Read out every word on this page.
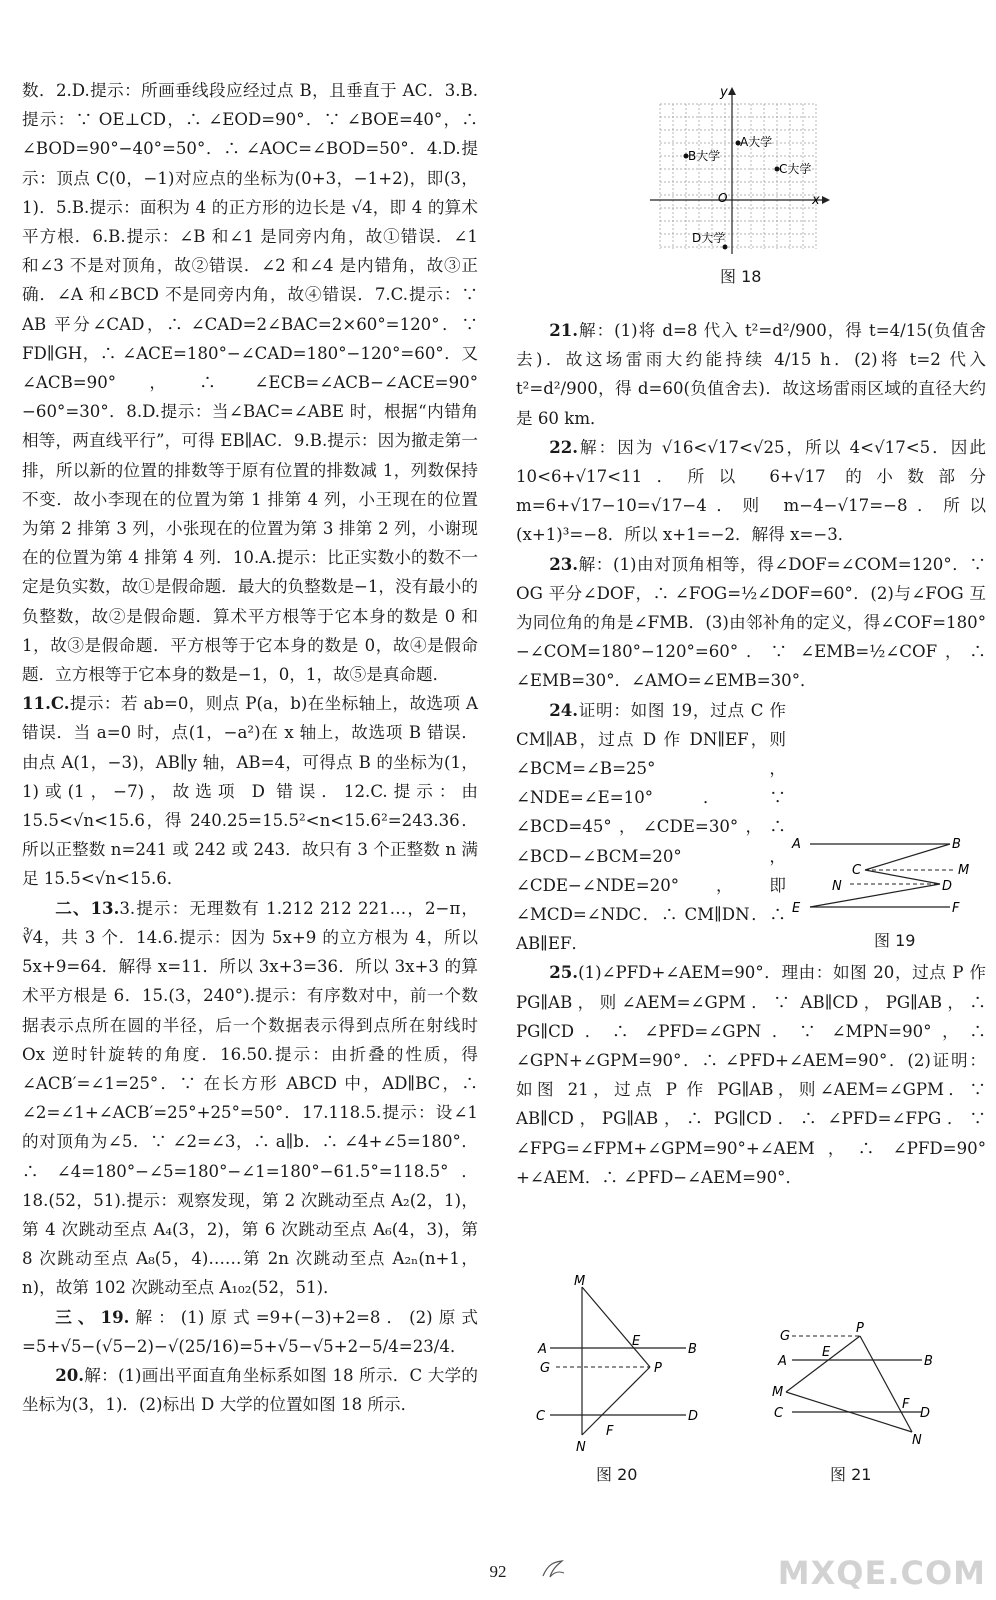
数．2.D.提示：所画垂线段应经过点 B，且垂直于 AC．3.B.提示：∵ OE⊥CD，∴ ∠EOD=90°．∵ ∠BOE=40°，∴ ∠BOD=90°−40°=50°．∴ ∠AOC=∠BOD=50°．4.D.提示：顶点 C(0，−1)对应点的坐标为(0+3，−1+2)，即(3，1)．5.B.提示：面积为 4 的正方形的边长是 √4，即 4 的算术平方根．6.B.提示：∠B 和∠1 是同旁内角，故①错误．∠1 和∠3 不是对顶角，故②错误．∠2 和∠4 是内错角，故③正确．∠A 和∠BCD 不是同旁内角，故④错误．7.C.提示：∵ AB 平分∠CAD，∴ ∠CAD=2∠BAC=2×60°=120°．∵ FD∥GH，∴ ∠ACE=180°−∠CAD=180°−120°=60°．又∠ACB=90°，∴ ∠ECB=∠ACB−∠ACE=90°−60°=30°．8.D.提示：当∠BAC=∠ABE 时，根据“内错角相等，两直线平行”，可得 EB∥AC．9.B.提示：因为撤走第一排，所以新的位置的排数等于原有位置的排数减 1，列数保持不变．故小李现在的位置为第 1 排第 4 列，小王现在的位置为第 2 排第 3 列，小张现在的位置为第 3 排第 2 列，小谢现在的位置为第 4 排第 4 列．10.A.提示：比正实数小的数不一定是负实数，故①是假命题．最大的负整数是−1，没有最小的负整数，故②是假命题．算术平方根等于它本身的数是 0 和 1，故③是假命题．平方根等于它本身的数是 0，故④是假命题．立方根等于它本身的数是−1，0，1，故⑤是真命题．

11.C.提示：若 ab=0，则点 P(a，b)在坐标轴上，故选项 A 错误．当 a=0 时，点(1，−a²)在 x 轴上，故选项 B 错误．由点 A(1，−3)，AB∥y 轴，AB=4，可得点 B 的坐标为(1，1)或(1，−7)，故选项 D 错误．12.C.提示：由 15.5<√n<15.6，得 240.25=15.5²<n<15.6²=243.36．所以正整数 n=241 或 242 或 243．故只有 3 个正整数 n 满足 15.5<√n<15.6．

二、13.3.提示：无理数有 1.212 212 221…，2−π，∛4，共 3 个．14.6.提示：因为 5x+9 的立方根为 4，所以 5x+9=64．解得 x=11．所以 3x+3=36．所以 3x+3 的算术平方根是 6．15.(3，240°).提示：有序数对中，前一个数据表示点所在圆的半径，后一个数据表示得到点所在射线时 Ox 逆时针旋转的角度．16.50.提示：由折叠的性质，得∠ACB′=∠1=25°．∵ 在长方形 ABCD 中，AD∥BC，∴ ∠2=∠1+∠ACB′=25°+25°=50°．17.118.5.提示：设∠1 的对顶角为∠5．∵ ∠2=∠3，∴ a∥b．∴ ∠4+∠5=180°．∴ ∠4=180°−∠5=180°−∠1=180°−61.5°=118.5°．18.(52，51).提示：观察发现，第 2 次跳动至点 A₂(2，1)，第 4 次跳动至点 A₄(3，2)，第 6 次跳动至点 A₆(4，3)，第 8 次跳动至点 A₈(5，4)……第 2n 次跳动至点 A₂ₙ(n+1，n)，故第 102 次跳动至点 A₁₀₂(52，51)．

三、19.解：(1)原式=9+(−3)+2=8．(2)原式=5+√5−(√5−2)−√(25/16)=5+√5−√5+2−5/4=23/4．

20.解：(1)画出平面直角坐标系如图 18 所示．C 大学的坐标为(3，1)．(2)标出 D 大学的位置如图 18 所示．

x
y
O
A大学
B大学
C大学
D大学
图 18

21.解：(1)将 d=8 代入 t²=d²/900，得 t=4/15(负值舍去)．故这场雷雨大约能持续 4/15 h．(2)将 t=2 代入 t²=d²/900，得 d=60(负值舍去)．故这场雷雨区域的直径大约是 60 km．

22.解：因为 √16<√17<√25，所以 4<√17<5．因此 10<6+√17<11．所以 6+√17 的小数部分 m=6+√17−10=√17−4．则 m−4−√17=−8．所以(x+1)³=−8．所以 x+1=−2．解得 x=−3．

23.解：(1)由对顶角相等，得∠DOF=∠COM=120°．∵ OG 平分∠DOF，∴ ∠FOG=½∠DOF=60°．(2)与∠FOG 互为同位角的角是∠FMB．(3)由邻补角的定义，得∠COF=180°−∠COM=180°−120°=60°．∵ ∠EMB=½∠COF，∴ ∠EMB=30°．∠AMO=∠EMB=30°．

24.证明：如图 19，过点 C 作 CM∥AB，过点 D 作 DN∥EF，则∠BCM=∠B=25°，∠NDE=∠E=10°．∵ ∠BCD=45°，∠CDE=30°，∴ ∠BCD−∠BCM=20°，∠CDE−∠NDE=20°，即∠MCD=∠NDC．∴ CM∥DN．∴ AB∥EF．

25.(1)∠PFD+∠AEM=90°．理由：如图 20，过点 P 作 PG∥AB，则∠AEM=∠GPM．∵ AB∥CD，PG∥AB，∴ PG∥CD．∴ ∠PFD=∠GPN．∵ ∠MPN=90°，∴ ∠GPN+∠GPM=90°．∴ ∠PFD+∠AEM=90°．(2)证明：如图 21，过点 P 作 PG∥AB，则∠AEM=∠GPM．∵ AB∥CD，PG∥AB，∴ PG∥CD．∴ ∠PFD=∠FPG．∵ ∠FPG=∠FPM+∠GPM=90°+∠AEM，∴ ∠PFD=90°+∠AEM．∴ ∠PFD−∠AEM=90°．

A	B
C	M
N	D
E	F
图 19
M
E
B
A
G	P
C
F
D
N
图 20
G
P
A
E
B
M
C
F
D
N
图 21
92	MXQE.COM
